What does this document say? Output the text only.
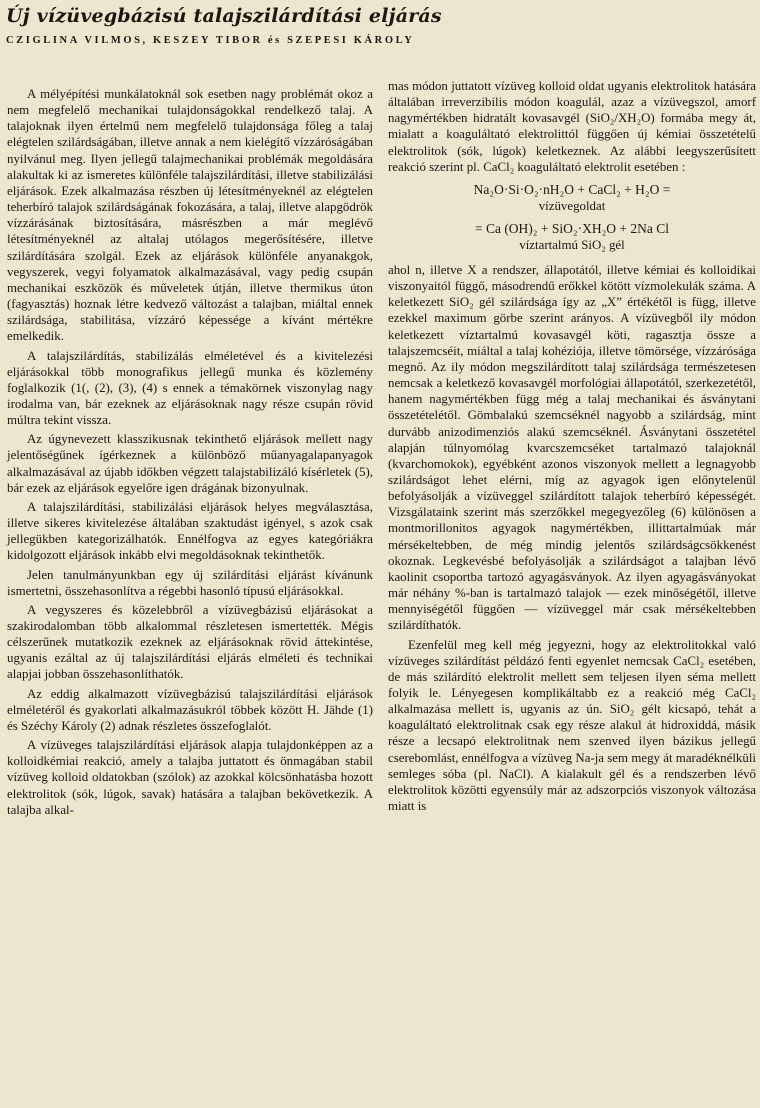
Új vízüvegbázisú talajszilárdítási eljárás
CZIGLINA VILMOS, KESZEY TIBOR és SZEPESI KÁROLY

A mélyépítési munkálatoknál sok esetben nagy problémát okoz a nem megfelelő mechanikai tulajdonságokkal rendelkező talaj. A talajoknak ilyen értelmű nem megfelelő tulajdonsága főleg a talaj elégtelen szilárdságában, illetve annak a nem kielégítő vízzáróságában nyilvánul meg. Ilyen jellegű talajmechanikai problémák megoldására alakultak ki az ismeretes különféle talajszilárdítási, illetve stabilizálási eljárások. Ezek alkalmazása részben új létesítményeknél az elégtelen teherbíró talajok szilárdságának fokozására, a talaj, illetve alapgödrök vízzárásának biztosítására, másrészben a már meglévő létesítményeknél az altalaj utólagos megerősítésére, illetve szilárdítására szolgál. Ezek az eljárások különféle anyanakgok, vegyszerek, vegyi folyamatok alkalmazásával, vagy pedig csupán mechanikai eszközök és műveletek útján, illetve thermikus úton (fagyasztás) hoznak létre kedvező változást a talajban, miáltal ennek szilárdsága, stabilitása, vízzáró képessége a kívánt mértékre emelkedik.

A talajszilárdítás, stabilizálás elméletével és a kivitelezési eljárásokkal több monografikus jellegű munka és közlemény foglalkozik (1(, (2), (3), (4) s ennek a témakörnek viszonylag nagy irodalma van, bár ezeknek az eljárásoknak nagy része csupán rövid múltra tekint vissza.

Az úgynevezett klasszikusnak tekinthető eljárások mellett nagy jelentőségűnek ígérkeznek a különböző műanyagalapanyagok alkalmazásával az újabb időkben végzett talajstabilizáló kísérletek (5), bár ezek az eljárások egyelőre igen drágának bizonyulnak.

A talajszilárdítási, stabilizálási eljárások helyes megválasztása, illetve sikeres kivitelezése általában szaktudást igényel, s azok csak jellegükben kategorizálhatók. Ennélfogva az egyes kategóriákra kidolgozott eljárások inkább elvi megoldásoknak tekinthetők.

Jelen tanulmányunkban egy új szilárdítási eljárást kívánunk ismertetni, összehasonlítva a régebbi hasonló típusú eljárásokkal.

A vegyszeres és közelebbről a vízüvegbázisú eljárásokat a szakirodalomban több alkalommal részletesen ismertették. Mégis célszerűnek mutatkozik ezeknek az eljárásoknak rövid áttekintése, ugyanis ezáltal az új talajszilárdítási eljárás elméleti és technikai alapjai jobban összehasonlíthatók.

Az eddig alkalmazott vízüvegbázisú talajszilárdítási eljárások elméletéről és gyakorlati alkalmazásukról többek között H. Jähde (1) és Széchy Károly (2) adnak részletes összefoglalót.

A vízüveges talajszilárdítási eljárások alapja tulajdonképpen az a kolloidkémiai reakció, amely a talajba juttatott és önmagában stabil vízüveg kolloid oldatokban (szólok) az azokkal kölcsönhatásba hozott elektrolitok (sók, lúgok, savak) hatására a talajban bekövetkezik. A talajba alkal-

mas módon juttatott vízüveg kolloid oldat ugyanis elektrolitok hatására általában irreverzibilis módon koagulál, azaz a vízüvegszol, amorf nagymértékben hidratált kovasavgél (SiO₂/XH₂O) formába megy át, mialatt a koaguláltató elektrolittól függően új kémiai összetételű elektrolitok (sók, lúgok) keletkeznek. Az alábbi leegyszerűsített reakció szerint pl. CaCl₂ koaguláltató elektrolit esetében :

Na₂O·Si·O₂·nH₂O + CaCl₂ + H₂O =
vízüvegoldat
= Ca (OH)₂ + SiO₂·XH₂O + 2Na Cl
víztartalmú SiO₂ gél

ahol n, illetve X a rendszer, állapotától, illetve kémiai és kolloidikai viszonyaitól függő, másodrendű erőkkel kötött vízmolekulák száma. A keletkezett SiO₂ gél szilárdsága így az „X” értékétől is függ, illetve ezekkel maximum görbe szerint arányos. A vízüvegből ily módon keletkezett víztartalmú kovasavgél köti, ragasztja össze a talajszemcséit, miáltal a talaj kohéziója, illetve tömörsége, vízzárósága megnő. Az ily módon megszilárdított talaj szilárdsága természetesen nemcsak a keletkező kovasavgél morfológiai állapotától, szerkezetétől, hanem nagymértékben függ még a talaj mechanikai és ásványtani összetételétől. Gömbalakú szemcséknél nagyobb a szilárdság, mint durvább anizodimenziós alakú szemcséknél. Ásványtani összetétel alapján túlnyomólag kvarcszemcséket tartalmazó talajoknál (kvarchomokok), egyébként azonos viszonyok mellett a legnagyobb szilárdságot lehet elérni, míg az agyagok igen előnytelenül befolyásolják a vízüveggel szilárdított talajok teherbíró képességét. Vizsgálataink szerint más szerzőkkel megegyezőleg (6) különösen a montmorillonitos agyagok nagymértékben, illittartalmúak már mérsékeltebben, de még mindig jelentős szilárdságcsökkenést okoznak. Legkevésbé befolyásolják a szilárdságot a talajban lévő kaolinit csoportba tartozó agyagásványok. Az ilyen agyagásványokat már néhány %-ban is tartalmazó talajok — ezek minőségétől, illetve mennyiségétől függően — vízüveggel már csak mérsékeltebben szilárdíthatók.

Ezenfelül meg kell még jegyezni, hogy az elektrolitokkal való vízüveges szilárdítást példázó fenti egyenlet nemcsak CaCl₂ esetében, de más szilárdító elektrolit mellett sem teljesen ilyen séma mellett folyik le. Lényegesen komplikáltabb ez a reakció még CaCl₂ alkalmazása mellett is, ugyanis az ún. SiO₂ gélt kicsapó, tehát a koaguláltató elektrolitnak csak egy része alakul át hidroxiddá, másik része a lecsapó elektrolitnak nem szenved ilyen bázikus jellegű cserebomlást, ennélfogva a vízüveg Na-ja sem megy át maradéknélküli semleges sóba (pl. NaCl). A kialakult gél és a rendszerben lévő elektrolitok közötti egyensúly már az adszorpciós viszonyok változása miatt is
